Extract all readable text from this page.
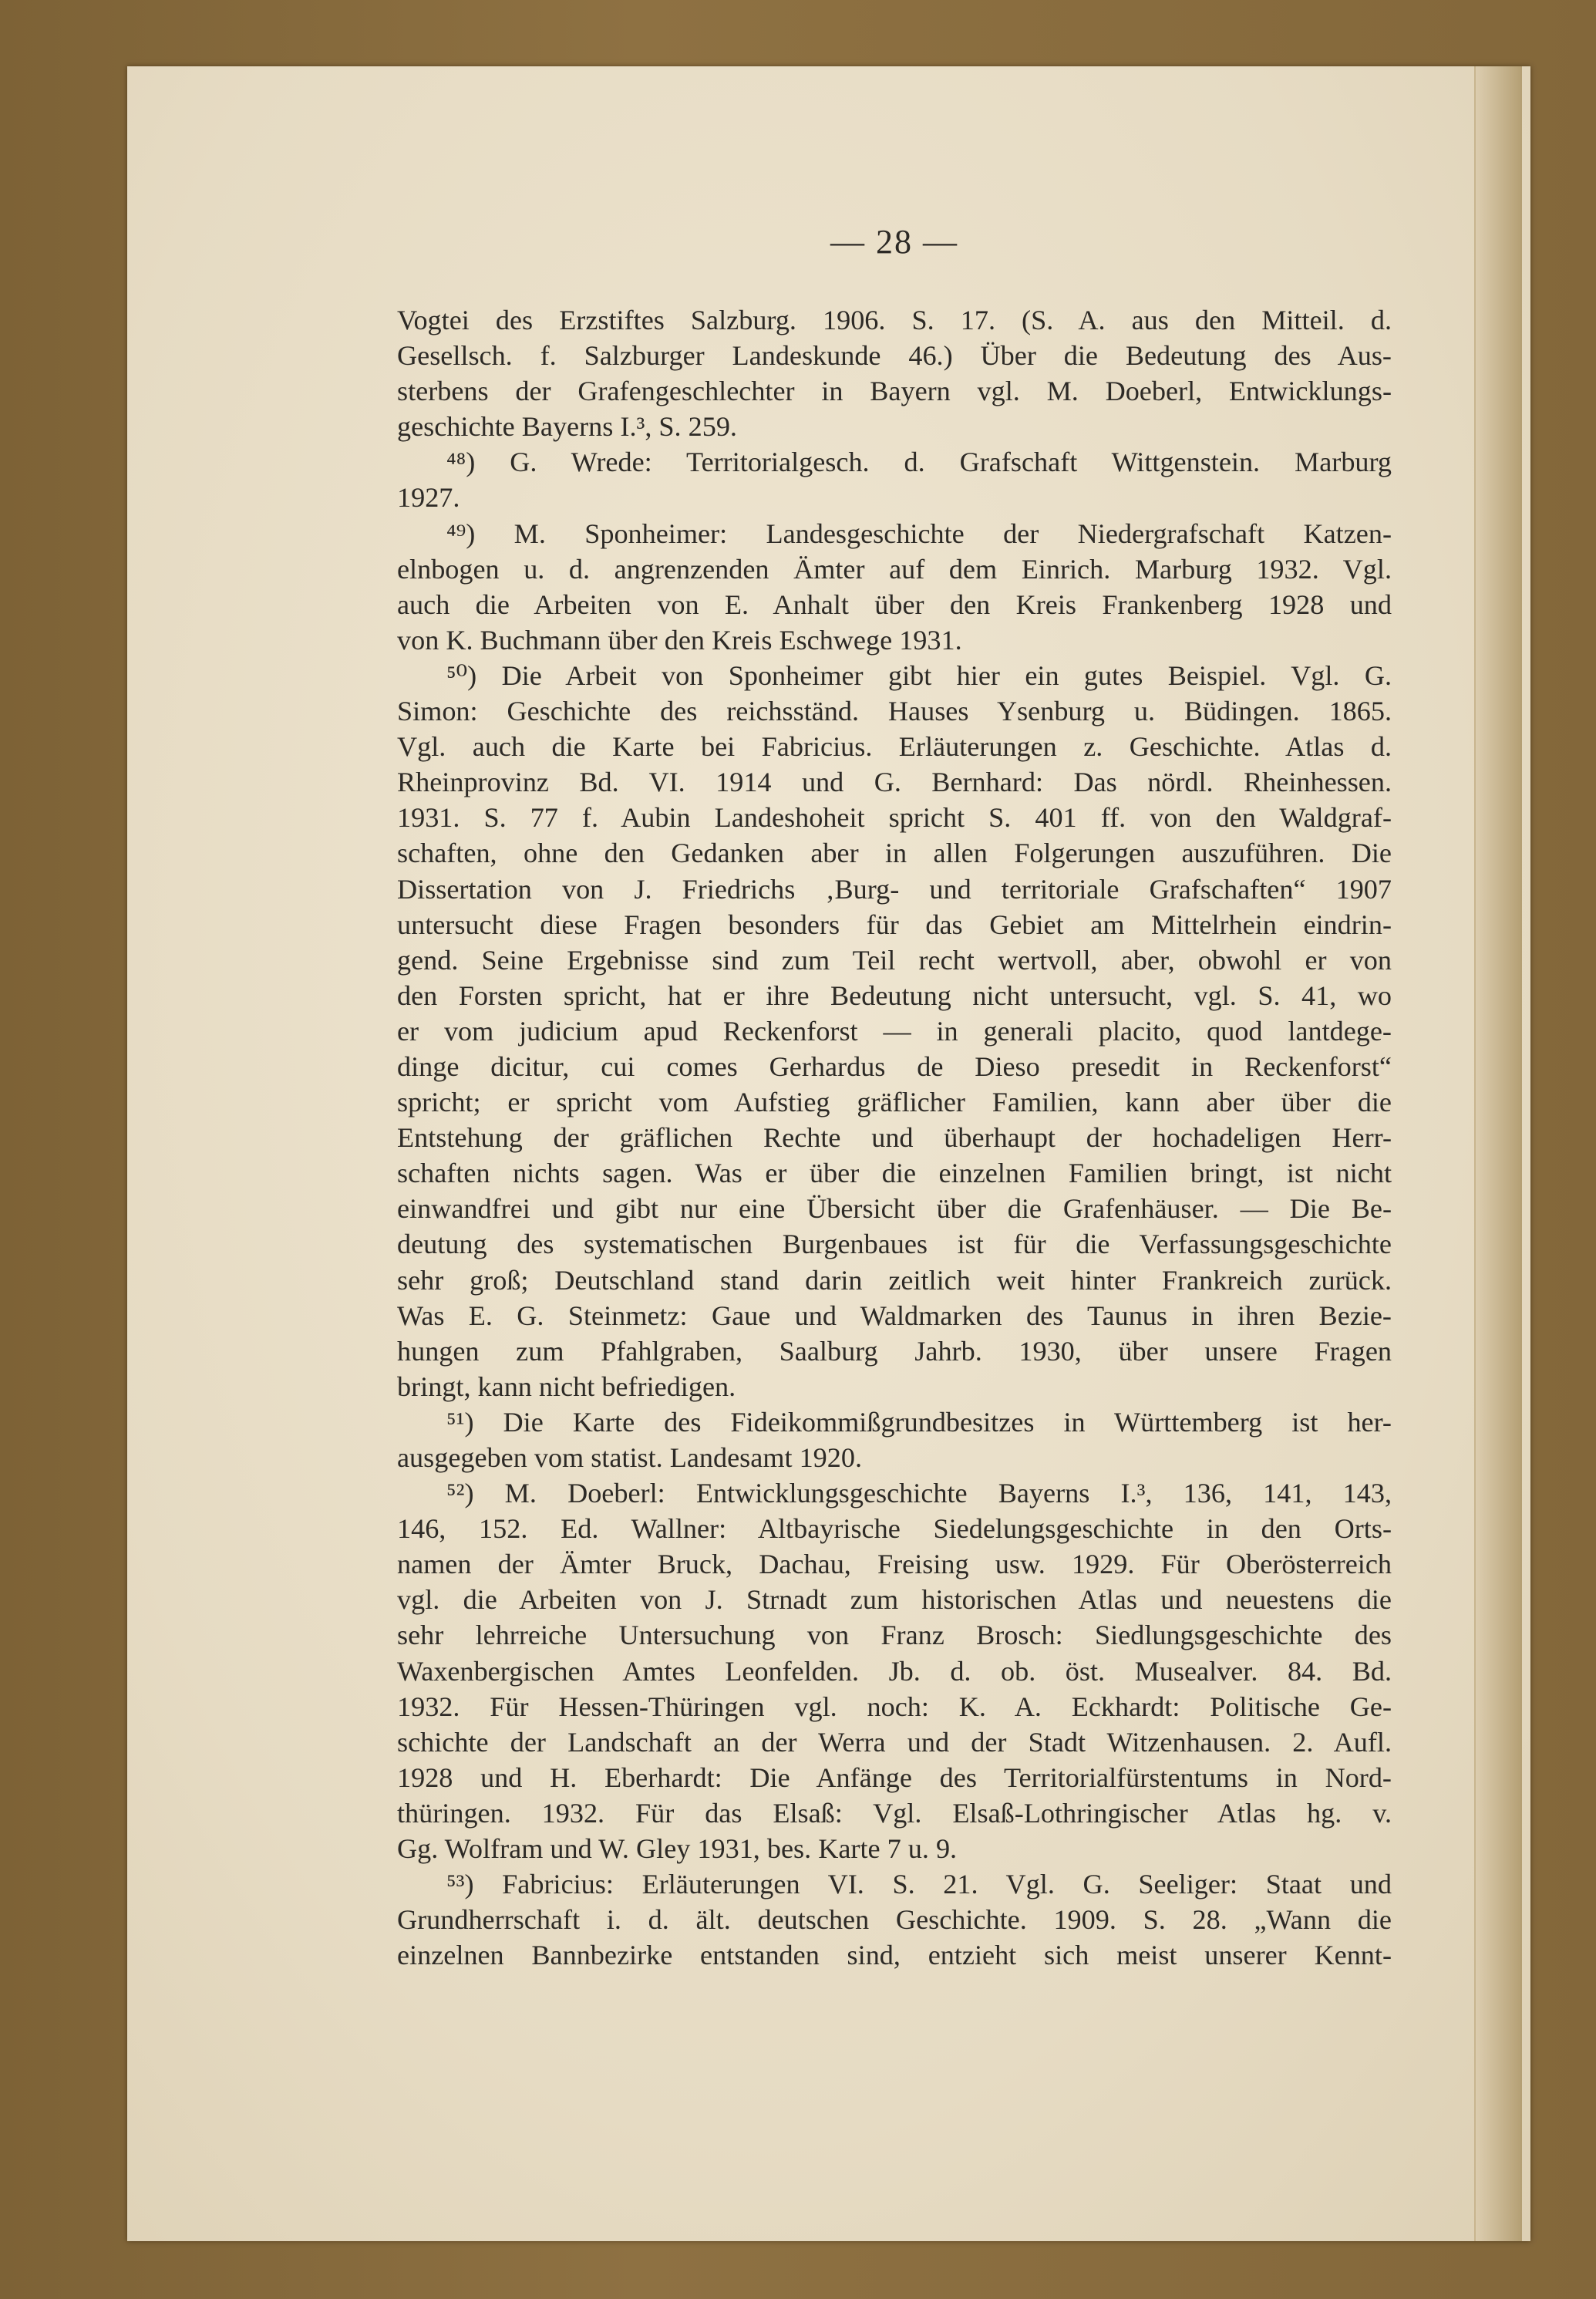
— 28 —
Vogtei des Erzstiftes Salzburg. 1906. S. 17. (S. A. aus den Mitteil. d.
Gesellsch. f. Salzburger Landeskunde 46.) Über die Bedeutung des Aus-
sterbens der Grafengeschlechter in Bayern vgl. M. Doeberl, Entwicklungs-
geschichte Bayerns I.³, S. 259.
⁴⁸) G. Wrede: Territorialgesch. d. Grafschaft Wittgenstein. Marburg
1927.
⁴⁹) M. Sponheimer: Landesgeschichte der Niedergrafschaft Katzen-
elnbogen u. d. angrenzenden Ämter auf dem Einrich. Marburg 1932. Vgl.
auch die Arbeiten von E. Anhalt über den Kreis Frankenberg 1928 und
von K. Buchmann über den Kreis Eschwege 1931.
⁵⁰) Die Arbeit von Sponheimer gibt hier ein gutes Beispiel. Vgl. G.
Simon: Geschichte des reichsständ. Hauses Ysenburg u. Büdingen. 1865.
Vgl. auch die Karte bei Fabricius. Erläuterungen z. Geschichte. Atlas d.
Rheinprovinz Bd. VI. 1914 und G. Bernhard: Das nördl. Rheinhessen.
1931. S. 77 f. Aubin Landeshoheit spricht S. 401 ff. von den Waldgraf-
schaften, ohne den Gedanken aber in allen Folgerungen auszuführen. Die
Dissertation von J. Friedrichs ‚Burg- und territoriale Grafschaften“ 1907
untersucht diese Fragen besonders für das Gebiet am Mittelrhein eindrin-
gend. Seine Ergebnisse sind zum Teil recht wertvoll, aber, obwohl er von
den Forsten spricht, hat er ihre Bedeutung nicht untersucht, vgl. S. 41, wo
er vom judicium apud Reckenforst — in generali placito, quod lantdege-
dinge dicitur, cui comes Gerhardus de Dieso presedit in Reckenforst“
spricht; er spricht vom Aufstieg gräflicher Familien, kann aber über die
Entstehung der gräflichen Rechte und überhaupt der hochadeligen Herr-
schaften nichts sagen. Was er über die einzelnen Familien bringt, ist nicht
einwandfrei und gibt nur eine Übersicht über die Grafenhäuser. — Die Be-
deutung des systematischen Burgenbaues ist für die Verfassungsgeschichte
sehr groß; Deutschland stand darin zeitlich weit hinter Frankreich zurück.
Was E. G. Steinmetz: Gaue und Waldmarken des Taunus in ihren Bezie-
hungen zum Pfahlgraben, Saalburg Jahrb. 1930, über unsere Fragen
bringt, kann nicht befriedigen.
⁵¹) Die Karte des Fideikommißgrundbesitzes in Württemberg ist her-
ausgegeben vom statist. Landesamt 1920.
⁵²) M. Doeberl: Entwicklungsgeschichte Bayerns I.³, 136, 141, 143,
146, 152. Ed. Wallner: Altbayrische Siedelungsgeschichte in den Orts-
namen der Ämter Bruck, Dachau, Freising usw. 1929. Für Oberösterreich
vgl. die Arbeiten von J. Strnadt zum historischen Atlas und neuestens die
sehr lehrreiche Untersuchung von Franz Brosch: Siedlungsgeschichte des
Waxenbergischen Amtes Leonfelden. Jb. d. ob. öst. Musealver. 84. Bd.
1932. Für Hessen-Thüringen vgl. noch: K. A. Eckhardt: Politische Ge-
schichte der Landschaft an der Werra und der Stadt Witzenhausen. 2. Aufl.
1928 und H. Eberhardt: Die Anfänge des Territorialfürstentums in Nord-
thüringen. 1932. Für das Elsaß: Vgl. Elsaß-Lothringischer Atlas hg. v.
Gg. Wolfram und W. Gley 1931, bes. Karte 7 u. 9.
⁵³) Fabricius: Erläuterungen VI. S. 21. Vgl. G. Seeliger: Staat und
Grundherrschaft i. d. ält. deutschen Geschichte. 1909. S. 28. „Wann die
einzelnen Bannbezirke entstanden sind, entzieht sich meist unserer Kennt-
